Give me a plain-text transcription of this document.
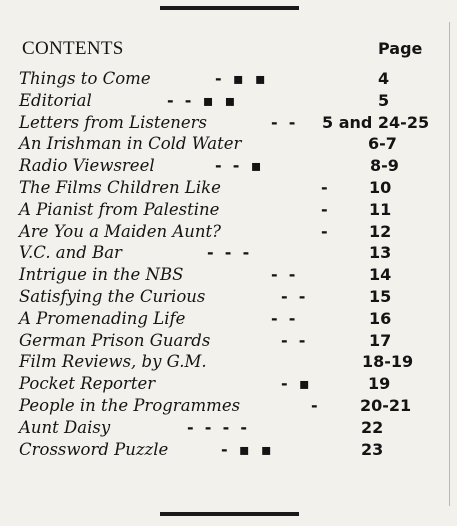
CONTENTS	Page
Things to Come	-  ▪  ▪	4
Editorial	-  -  ▪  ▪	5
Letters from Listeners	-  - 5 and 24-25
An Irishman in Cold Water	6-7
Radio Viewsreel	-  -  ▪	8-9
The Films Children Like	-	10
A Pianist from Palestine	-	11
Are You a Maiden Aunt?	-	12
V.C. and Bar	-  -  -	13
Intrigue in the NBS	-  -	14
Satisfying the Curious	-  -	15
A Promenading Life	-  -	16
German Prison Guards	-  -	17
Film Reviews, by G.M.	18-19
Pocket Reporter	-  ▪	19
People in the Programmes	-	20-21
Aunt Daisy	-  -  -  -	22
Crossword Puzzle	-  ▪  ▪	23
